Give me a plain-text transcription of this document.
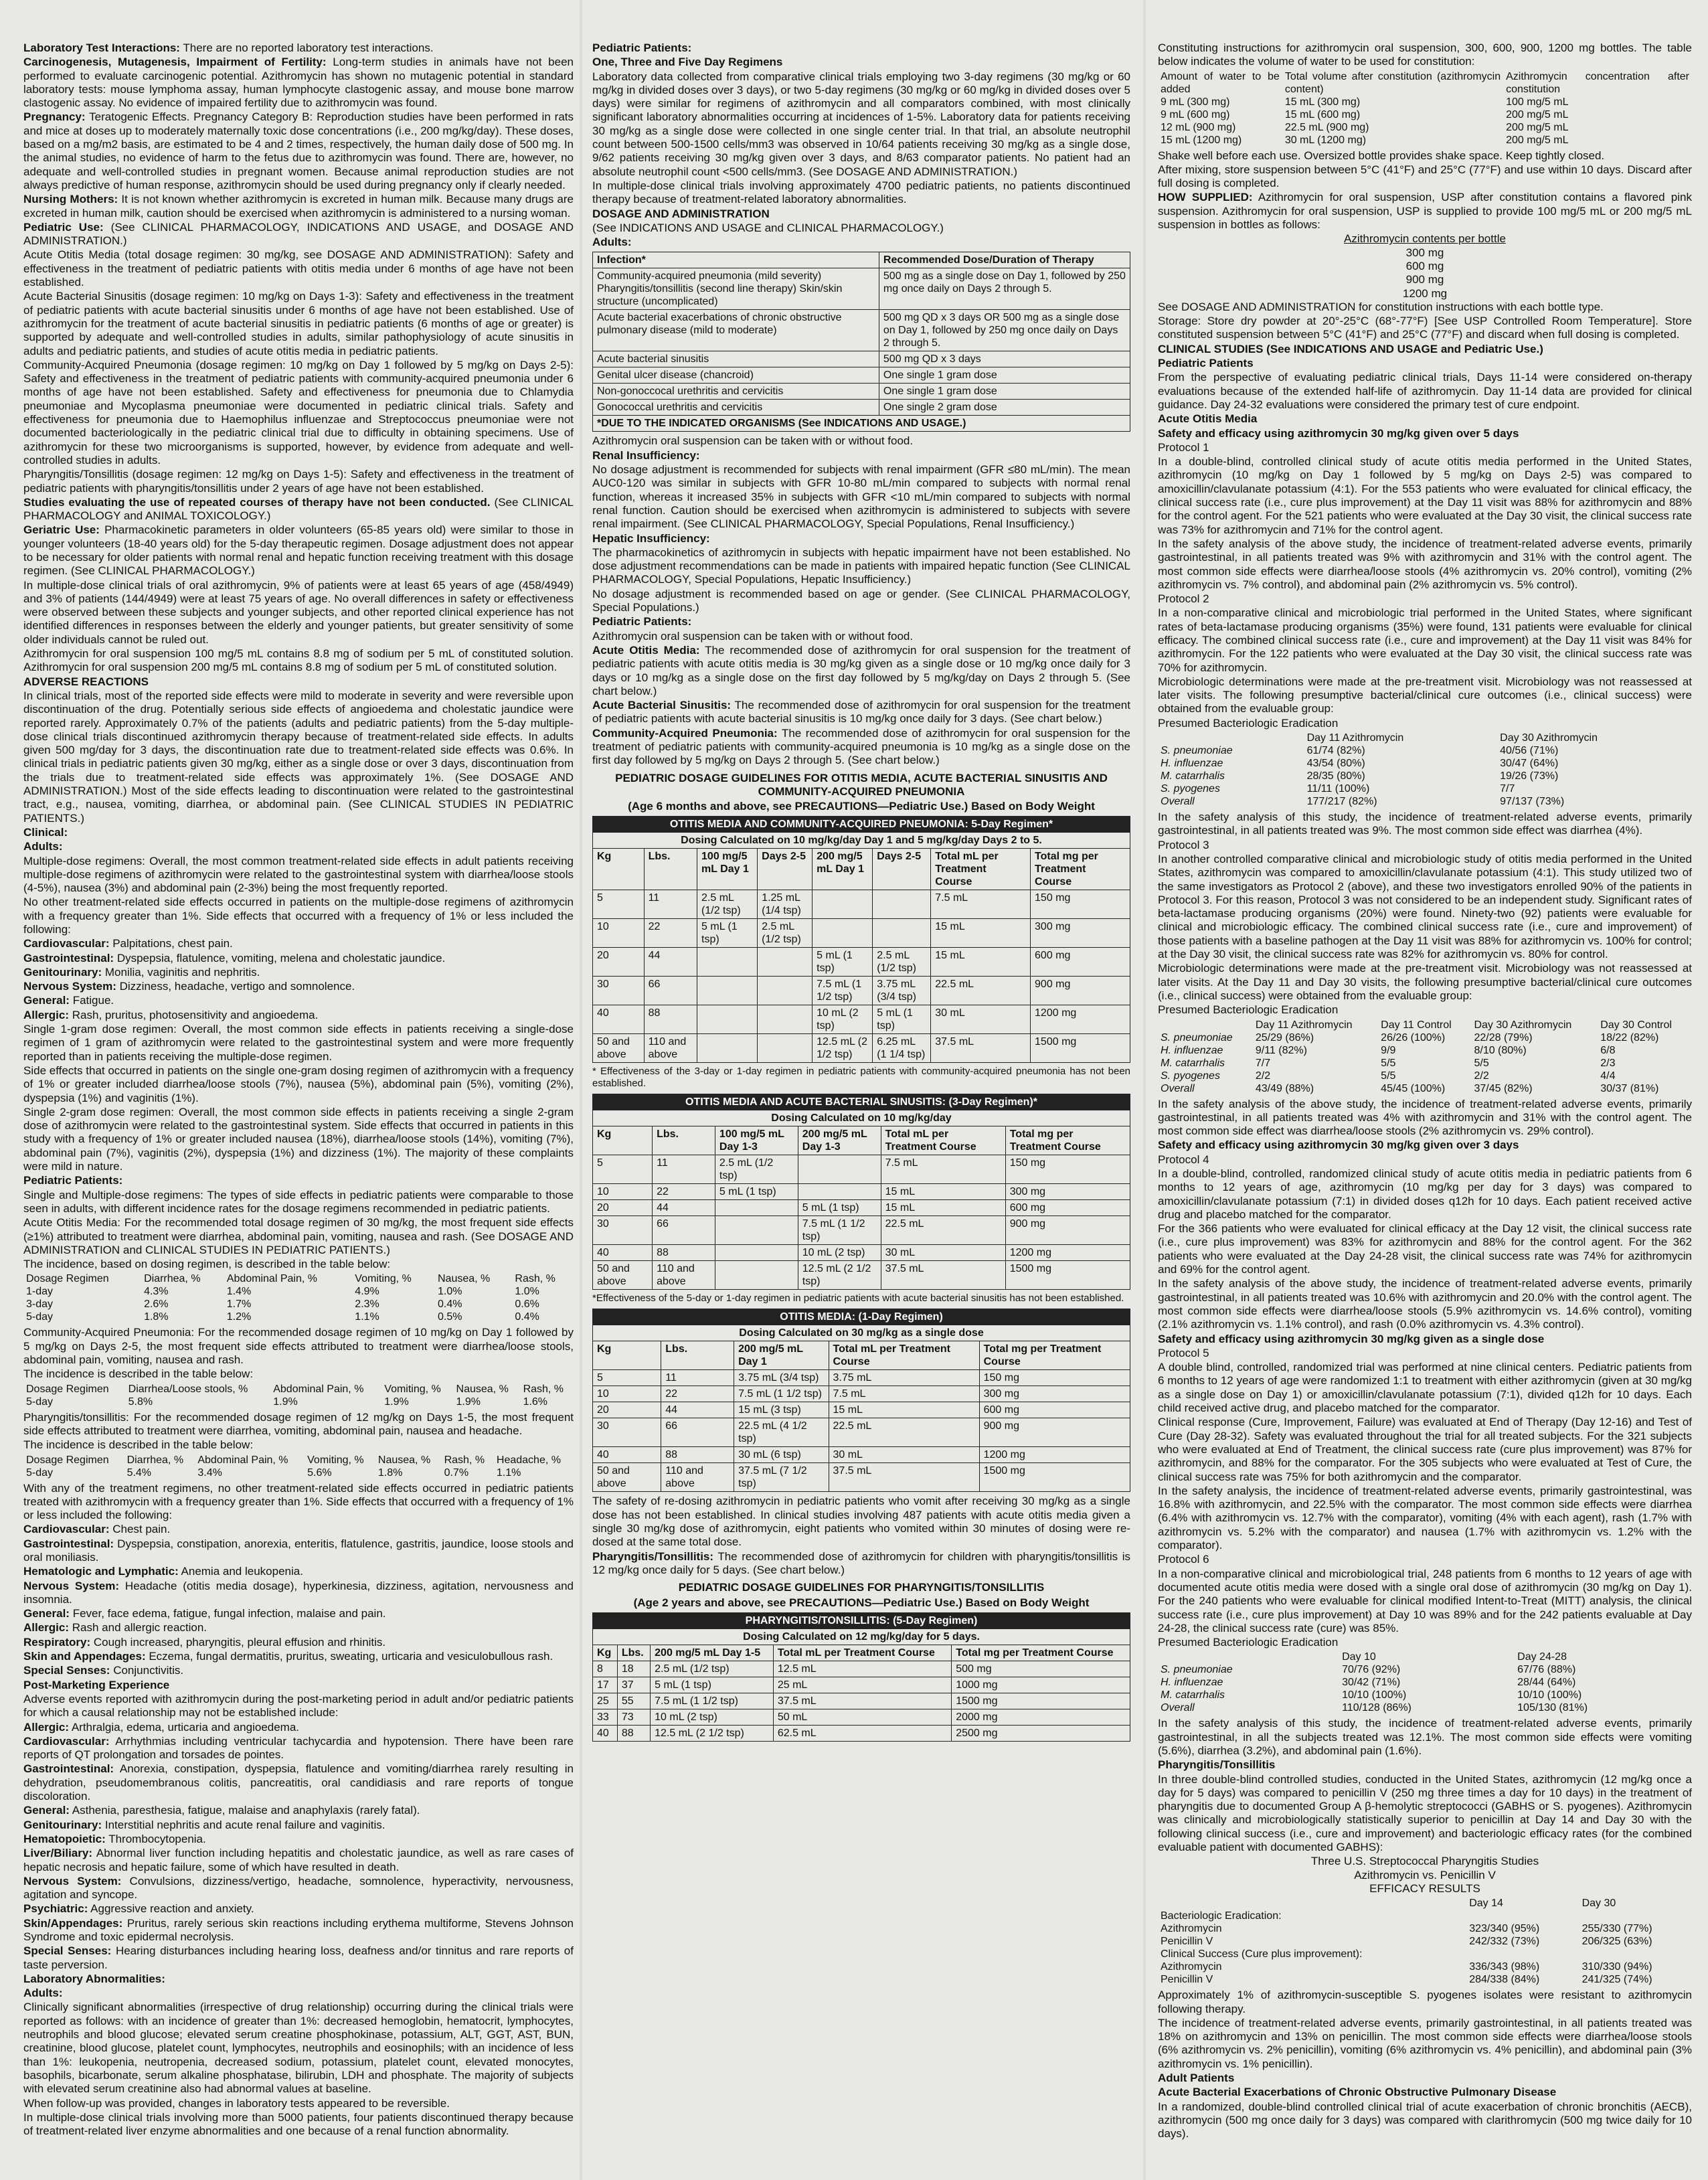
Laboratory Test Interactions: There are no reported laboratory test interactions.

Carcinogenesis, Mutagenesis, Impairment of Fertility: Long-term studies in animals have not been performed to evaluate carcinogenic potential. Azithromycin has shown no mutagenic potential in standard laboratory tests: mouse lymphoma assay, human lymphocyte clastogenic assay, and mouse bone marrow clastogenic assay. No evidence of impaired fertility due to azithromycin was found.

Pregnancy: Teratogenic Effects. Pregnancy Category B: Reproduction studies have been performed in rats and mice at doses up to moderately maternally toxic dose concentrations (i.e., 200 mg/kg/day). These doses, based on a mg/m2 basis, are estimated to be 4 and 2 times, respectively, the human daily dose of 500 mg. In the animal studies, no evidence of harm to the fetus due to azithromycin was found. There are, however, no adequate and well-controlled studies in pregnant women. Because animal reproduction studies are not always predictive of human response, azithromycin should be used during pregnancy only if clearly needed.

Nursing Mothers: It is not known whether azithromycin is excreted in human milk. Because many drugs are excreted in human milk, caution should be exercised when azithromycin is administered to a nursing woman.

Pediatric Use: (See CLINICAL PHARMACOLOGY, INDICATIONS AND USAGE, and DOSAGE AND ADMINISTRATION.)

Acute Otitis Media (total dosage regimen: 30 mg/kg, see DOSAGE AND ADMINISTRATION): Safety and effectiveness in the treatment of pediatric patients with otitis media under 6 months of age have not been established.

Acute Bacterial Sinusitis (dosage regimen: 10 mg/kg on Days 1-3): Safety and effectiveness in the treatment of pediatric patients with acute bacterial sinusitis under 6 months of age have not been established. Use of azithromycin for the treatment of acute bacterial sinusitis in pediatric patients (6 months of age or greater) is supported by adequate and well-controlled studies in adults, similar pathophysiology of acute sinusitis in adults and pediatric patients, and studies of acute otitis media in pediatric patients.

Community-Acquired Pneumonia (dosage regimen: 10 mg/kg on Day 1 followed by 5 mg/kg on Days 2-5): Safety and effectiveness in the treatment of pediatric patients with community-acquired pneumonia under 6 months of age have not been established. Safety and effectiveness for pneumonia due to Chlamydia pneumoniae and Mycoplasma pneumoniae were documented in pediatric clinical trials. Safety and effectiveness for pneumonia due to Haemophilus influenzae and Streptococcus pneumoniae were not documented bacteriologically in the pediatric clinical trial due to difficulty in obtaining specimens. Use of azithromycin for these two microorganisms is supported, however, by evidence from adequate and well-controlled studies in adults.

Pharyngitis/Tonsillitis (dosage regimen: 12 mg/kg on Days 1-5): Safety and effectiveness in the treatment of pediatric patients with pharyngitis/tonsillitis under 2 years of age have not been established.

Studies evaluating the use of repeated courses of therapy have not been conducted. (See CLINICAL PHARMACOLOGY and ANIMAL TOXICOLOGY.)

Geriatric Use: Pharmacokinetic parameters in older volunteers (65-85 years old) were similar to those in younger volunteers (18-40 years old) for the 5-day therapeutic regimen. Dosage adjustment does not appear to be necessary for older patients with normal renal and hepatic function receiving treatment with this dosage regimen. (See CLINICAL PHARMACOLOGY.)

In multiple-dose clinical trials of oral azithromycin, 9% of patients were at least 65 years of age (458/4949) and 3% of patients (144/4949) were at least 75 years of age. No overall differences in safety or effectiveness were observed between these subjects and younger subjects, and other reported clinical experience has not identified differences in responses between the elderly and younger patients, but greater sensitivity of some older individuals cannot be ruled out.

Azithromycin for oral suspension 100 mg/5 mL contains 8.8 mg of sodium per 5 mL of constituted solution. Azithromycin for oral suspension 200 mg/5 mL contains 8.8 mg of sodium per 5 mL of constituted solution.

ADVERSE REACTIONS

In clinical trials, most of the reported side effects were mild to moderate in severity and were reversible upon discontinuation of the drug. Potentially serious side effects of angioedema and cholestatic jaundice were reported rarely. Approximately 0.7% of the patients (adults and pediatric patients) from the 5-day multiple-dose clinical trials discontinued azithromycin therapy because of treatment-related side effects. In adults given 500 mg/day for 3 days, the discontinuation rate due to treatment-related side effects was 0.6%. In clinical trials in pediatric patients given 30 mg/kg, either as a single dose or over 3 days, discontinuation from the trials due to treatment-related side effects was approximately 1%. (See DOSAGE AND ADMINISTRATION.) Most of the side effects leading to discontinuation were related to the gastrointestinal tract, e.g., nausea, vomiting, diarrhea, or abdominal pain. (See CLINICAL STUDIES IN PEDIATRIC PATIENTS.)

Clinical:

Adults:

Multiple-dose regimens: Overall, the most common treatment-related side effects in adult patients receiving multiple-dose regimens of azithromycin were related to the gastrointestinal system with diarrhea/loose stools (4-5%), nausea (3%) and abdominal pain (2-3%) being the most frequently reported.

No other treatment-related side effects occurred in patients on the multiple-dose regimens of azithromycin with a frequency greater than 1%. Side effects that occurred with a frequency of 1% or less included the following:

Cardiovascular: Palpitations, chest pain.

Gastrointestinal: Dyspepsia, flatulence, vomiting, melena and cholestatic jaundice.

Genitourinary: Monilia, vaginitis and nephritis.

Nervous System: Dizziness, headache, vertigo and somnolence.

General: Fatigue.

Allergic: Rash, pruritus, photosensitivity and angioedema.

Single 1-gram dose regimen: Overall, the most common side effects in patients receiving a single-dose regimen of 1 gram of azithromycin were related to the gastrointestinal system and were more frequently reported than in patients receiving the multiple-dose regimen.

Side effects that occurred in patients on the single one-gram dosing regimen of azithromycin with a frequency of 1% or greater included diarrhea/loose stools (7%), nausea (5%), abdominal pain (5%), vomiting (2%), dyspepsia (1%) and vaginitis (1%).

Single 2-gram dose regimen: Overall, the most common side effects in patients receiving a single 2-gram dose of azithromycin were related to the gastrointestinal system. Side effects that occurred in patients in this study with a frequency of 1% or greater included nausea (18%), diarrhea/loose stools (14%), vomiting (7%), abdominal pain (7%), vaginitis (2%), dyspepsia (1%) and dizziness (1%). The majority of these complaints were mild in nature.

Pediatric Patients:

Single and Multiple-dose regimens: The types of side effects in pediatric patients were comparable to those seen in adults, with different incidence rates for the dosage regimens recommended in pediatric patients.

Acute Otitis Media: For the recommended total dosage regimen of 30 mg/kg, the most frequent side effects (≥1%) attributed to treatment were diarrhea, abdominal pain, vomiting, nausea and rash. (See DOSAGE AND ADMINISTRATION and CLINICAL STUDIES IN PEDIATRIC PATIENTS.)

The incidence, based on dosing regimen, is described in the table below:

Dosage Regimen	Diarrhea, %	Abdominal Pain, %	Vomiting, %	Nausea, %	Rash, %
1-day	4.3%	1.4%	4.9%	1.0%	1.0%
3-day	2.6%	1.7%	2.3%	0.4%	0.6%
5-day	1.8%	1.2%	1.1%	0.5%	0.4%

Community-Acquired Pneumonia: For the recommended dosage regimen of 10 mg/kg on Day 1 followed by 5 mg/kg on Days 2-5, the most frequent side effects attributed to treatment were diarrhea/loose stools, abdominal pain, vomiting, nausea and rash.

The incidence is described in the table below:

Dosage Regimen	Diarrhea/Loose stools, %	Abdominal Pain, %	Vomiting, %	Nausea, %	Rash, %
5-day	5.8%	1.9%	1.9%	1.9%	1.6%

Pharyngitis/tonsillitis: For the recommended dosage regimen of 12 mg/kg on Days 1-5, the most frequent side effects attributed to treatment were diarrhea, vomiting, abdominal pain, nausea and headache.

The incidence is described in the table below:

Dosage Regimen	Diarrhea, %	Abdominal Pain, %	Vomiting, %	Nausea, %	Rash, %	Headache, %
5-day	5.4%	3.4%	5.6%	1.8%	0.7%	1.1%

With any of the treatment regimens, no other treatment-related side effects occurred in pediatric patients treated with azithromycin with a frequency greater than 1%. Side effects that occurred with a frequency of 1% or less included the following:

Cardiovascular: Chest pain.

Gastrointestinal: Dyspepsia, constipation, anorexia, enteritis, flatulence, gastritis, jaundice, loose stools and oral moniliasis.

Hematologic and Lymphatic: Anemia and leukopenia.

Nervous System: Headache (otitis media dosage), hyperkinesia, dizziness, agitation, nervousness and insomnia.

General: Fever, face edema, fatigue, fungal infection, malaise and pain.

Allergic: Rash and allergic reaction.

Respiratory: Cough increased, pharyngitis, pleural effusion and rhinitis.

Skin and Appendages: Eczema, fungal dermatitis, pruritus, sweating, urticaria and vesiculobullous rash.

Special Senses: Conjunctivitis.

Post-Marketing Experience

Adverse events reported with azithromycin during the post-marketing period in adult and/or pediatric patients for which a causal relationship may not be established include:

Allergic: Arthralgia, edema, urticaria and angioedema.

Cardiovascular: Arrhythmias including ventricular tachycardia and hypotension. There have been rare reports of QT prolongation and torsades de pointes.

Gastrointestinal: Anorexia, constipation, dyspepsia, flatulence and vomiting/diarrhea rarely resulting in dehydration, pseudomembranous colitis, pancreatitis, oral candidiasis and rare reports of tongue discoloration.

General: Asthenia, paresthesia, fatigue, malaise and anaphylaxis (rarely fatal).

Genitourinary: Interstitial nephritis and acute renal failure and vaginitis.

Hematopoietic: Thrombocytopenia.

Liver/Biliary: Abnormal liver function including hepatitis and cholestatic jaundice, as well as rare cases of hepatic necrosis and hepatic failure, some of which have resulted in death.

Nervous System: Convulsions, dizziness/vertigo, headache, somnolence, hyperactivity, nervousness, agitation and syncope.

Psychiatric: Aggressive reaction and anxiety.

Skin/Appendages: Pruritus, rarely serious skin reactions including erythema multiforme, Stevens Johnson Syndrome and toxic epidermal necrolysis.

Special Senses: Hearing disturbances including hearing loss, deafness and/or tinnitus and rare reports of taste perversion.

Laboratory Abnormalities:

Adults:

Clinically significant abnormalities (irrespective of drug relationship) occurring during the clinical trials were reported as follows: with an incidence of greater than 1%: decreased hemoglobin, hematocrit, lymphocytes, neutrophils and blood glucose; elevated serum creatine phosphokinase, potassium, ALT, GGT, AST, BUN, creatinine, blood glucose, platelet count, lymphocytes, neutrophils and eosinophils; with an incidence of less than 1%: leukopenia, neutropenia, decreased sodium, potassium, platelet count, elevated monocytes, basophils, bicarbonate, serum alkaline phosphatase, bilirubin, LDH and phosphate. The majority of subjects with elevated serum creatinine also had abnormal values at baseline.

When follow-up was provided, changes in laboratory tests appeared to be reversible.

In multiple-dose clinical trials involving more than 5000 patients, four patients discontinued therapy because of treatment-related liver enzyme abnormalities and one because of a renal function abnormality.

Pediatric Patients:

One, Three and Five Day Regimens

Laboratory data collected from comparative clinical trials employing two 3-day regimens (30 mg/kg or 60 mg/kg in divided doses over 3 days), or two 5-day regimens (30 mg/kg or 60 mg/kg in divided doses over 5 days) were similar for regimens of azithromycin and all comparators combined, with most clinically significant laboratory abnormalities occurring at incidences of 1-5%. Laboratory data for patients receiving 30 mg/kg as a single dose were collected in one single center trial. In that trial, an absolute neutrophil count between 500-1500 cells/mm3 was observed in 10/64 patients receiving 30 mg/kg as a single dose, 9/62 patients receiving 30 mg/kg given over 3 days, and 8/63 comparator patients. No patient had an absolute neutrophil count <500 cells/mm3. (See DOSAGE AND ADMINISTRATION.)

In multiple-dose clinical trials involving approximately 4700 pediatric patients, no patients discontinued therapy because of treatment-related laboratory abnormalities.

DOSAGE AND ADMINISTRATION

(See INDICATIONS AND USAGE and CLINICAL PHARMACOLOGY.)

Adults:

Infection*	Recommended Dose/Duration of Therapy
Community-acquired pneumonia (mild severity) Pharyngitis/tonsillitis (second line therapy) Skin/skin structure (uncomplicated)	500 mg as a single dose on Day 1, followed by 250 mg once daily on Days 2 through 5.
Acute bacterial exacerbations of chronic obstructive pulmonary disease (mild to moderate)	500 mg QD x 3 days OR 500 mg as a single dose on Day 1, followed by 250 mg once daily on Days 2 through 5.
Acute bacterial sinusitis	500 mg QD x 3 days
Genital ulcer disease (chancroid)	One single 1 gram dose
Non-gonoccocal urethritis and cervicitis	One single 1 gram dose
Gonococcal urethritis and cervicitis	One single 2 gram dose
*DUE TO THE INDICATED ORGANISMS (See INDICATIONS AND USAGE.)	

Azithromycin oral suspension can be taken with or without food.

Renal Insufficiency:

No dosage adjustment is recommended for subjects with renal impairment (GFR ≤80 mL/min). The mean AUC0-120 was similar in subjects with GFR 10-80 mL/min compared to subjects with normal renal function, whereas it increased 35% in subjects with GFR <10 mL/min compared to subjects with normal renal function. Caution should be exercised when azithromycin is administered to subjects with severe renal impairment. (See CLINICAL PHARMACOLOGY, Special Populations, Renal Insufficiency.)

Hepatic Insufficiency:

The pharmacokinetics of azithromycin in subjects with hepatic impairment have not been established. No dose adjustment recommendations can be made in patients with impaired hepatic function (See CLINICAL PHARMACOLOGY, Special Populations, Hepatic Insufficiency.)

No dosage adjustment is recommended based on age or gender. (See CLINICAL PHARMACOLOGY, Special Populations.)

Pediatric Patients:

Azithromycin oral suspension can be taken with or without food.

Acute Otitis Media: The recommended dose of azithromycin for oral suspension for the treatment of pediatric patients with acute otitis media is 30 mg/kg given as a single dose or 10 mg/kg once daily for 3 days or 10 mg/kg as a single dose on the first day followed by 5 mg/kg/day on Days 2 through 5. (See chart below.)

Acute Bacterial Sinusitis: The recommended dose of azithromycin for oral suspension for the treatment of pediatric patients with acute bacterial sinusitis is 10 mg/kg once daily for 3 days. (See chart below.)

Community-Acquired Pneumonia: The recommended dose of azithromycin for oral suspension for the treatment of pediatric patients with community-acquired pneumonia is 10 mg/kg as a single dose on the first day followed by 5 mg/kg on Days 2 through 5. (See chart below.)

PEDIATRIC DOSAGE GUIDELINES FOR OTITIS MEDIA, ACUTE BACTERIAL SINUSITIS AND COMMUNITY-ACQUIRED PNEUMONIA
(Age 6 months and above, see PRECAUTIONS—Pediatric Use.) Based on Body Weight
OTITIS MEDIA AND COMMUNITY-ACQUIRED PNEUMONIA: 5-Day Regimen*							
Dosing Calculated on 10 mg/kg/day Day 1 and 5 mg/kg/day Days 2 to 5.							
Kg	Lbs.	100 mg/5 mL Day 1	Days 2-5	200 mg/5 mL Day 1	Days 2-5	Total mL per Treatment Course	Total mg per Treatment Course
5	11	2.5 mL (1/2 tsp)	1.25 mL (1/4 tsp)			7.5 mL	150 mg
10	22	5 mL (1 tsp)	2.5 mL (1/2 tsp)			15 mL	300 mg
20	44			5 mL (1 tsp)	2.5 mL (1/2 tsp)	15 mL	600 mg
30	66			7.5 mL (1 1/2 tsp)	3.75 mL (3/4 tsp)	22.5 mL	900 mg
40	88			10 mL (2 tsp)	5 mL (1 tsp)	30 mL	1200 mg
50 and above	110 and above			12.5 mL (2 1/2 tsp)	6.25 mL (1 1/4 tsp)	37.5 mL	1500 mg
* Effectiveness of the 3-day or 1-day regimen in pediatric patients with community-acquired pneumonia has not been established.
OTITIS MEDIA AND ACUTE BACTERIAL SINUSITIS: (3-Day Regimen)*					
Dosing Calculated on 10 mg/kg/day					
Kg	Lbs.	100 mg/5 mL Day 1-3	200 mg/5 mL Day 1-3	Total mL per Treatment Course	Total mg per Treatment Course
5	11	2.5 mL (1/2 tsp)		7.5 mL	150 mg
10	22	5 mL (1 tsp)		15 mL	300 mg
20	44		5 mL (1 tsp)	15 mL	600 mg
30	66		7.5 mL (1 1/2 tsp)	22.5 mL	900 mg
40	88		10 mL (2 tsp)	30 mL	1200 mg
50 and above	110 and above		12.5 mL (2 1/2 tsp)	37.5 mL	1500 mg
*Effectiveness of the 5-day or 1-day regimen in pediatric patients with acute bacterial sinusitis has not been established.
OTITIS MEDIA: (1-Day Regimen)				
Dosing Calculated on 30 mg/kg as a single dose				
Kg	Lbs.	200 mg/5 mL Day 1	Total mL per Treatment Course	Total mg per Treatment Course
5	11	3.75 mL (3/4 tsp)	3.75 mL	150 mg
10	22	7.5 mL (1 1/2 tsp)	7.5 mL	300 mg
20	44	15 mL (3 tsp)	15 mL	600 mg
30	66	22.5 mL (4 1/2 tsp)	22.5 mL	900 mg
40	88	30 mL (6 tsp)	30 mL	1200 mg
50 and above	110 and above	37.5 mL (7 1/2 tsp)	37.5 mL	1500 mg

The safety of re-dosing azithromycin in pediatric patients who vomit after receiving 30 mg/kg as a single dose has not been established. In clinical studies involving 487 patients with acute otitis media given a single 30 mg/kg dose of azithromycin, eight patients who vomited within 30 minutes of dosing were re-dosed at the same total dose.

Pharyngitis/Tonsillitis: The recommended dose of azithromycin for children with pharyngitis/tonsillitis is 12 mg/kg once daily for 5 days. (See chart below.)

PEDIATRIC DOSAGE GUIDELINES FOR PHARYNGITIS/TONSILLITIS
(Age 2 years and above, see PRECAUTIONS—Pediatric Use.) Based on Body Weight
PHARYNGITIS/TONSILLITIS: (5-Day Regimen)				
Dosing Calculated on 12 mg/kg/day for 5 days.				
Kg	Lbs.	200 mg/5 mL Day 1-5	Total mL per Treatment Course	Total mg per Treatment Course
8	18	2.5 mL (1/2 tsp)	12.5 mL	500 mg
17	37	5 mL (1 tsp)	25 mL	1000 mg
25	55	7.5 mL (1 1/2 tsp)	37.5 mL	1500 mg
33	73	10 mL (2 tsp)	50 mL	2000 mg
40	88	12.5 mL (2 1/2 tsp)	62.5 mL	2500 mg

Constituting instructions for azithromycin oral suspension, 300, 600, 900, 1200 mg bottles. The table below indicates the volume of water to be used for constitution:

Amount of water to be added	Total volume after constitution (azithromycin content)	Azithromycin concentration after constitution
9 mL (300 mg)	15 mL (300 mg)	100 mg/5 mL
9 mL (600 mg)	15 mL (600 mg)	200 mg/5 mL
12 mL (900 mg)	22.5 mL (900 mg)	200 mg/5 mL
15 mL (1200 mg)	30 mL (1200 mg)	200 mg/5 mL

Shake well before each use. Oversized bottle provides shake space. Keep tightly closed.

After mixing, store suspension between 5°C (41°F) and 25°C (77°F) and use within 10 days. Discard after full dosing is completed.

HOW SUPPLIED: Azithromycin for oral suspension, USP after constitution contains a flavored pink suspension. Azithromycin for oral suspension, USP is supplied to provide 100 mg/5 mL or 200 mg/5 mL suspension in bottles as follows:

Azithromycin contents per bottle
300 mg
600 mg
900 mg
1200 mg

See DOSAGE AND ADMINISTRATION for constitution instructions with each bottle type.

Storage: Store dry powder at 20°-25°C (68°-77°F) [See USP Controlled Room Temperature]. Store constituted suspension between 5°C (41°F) and 25°C (77°F) and discard when full dosing is completed.

CLINICAL STUDIES (See INDICATIONS AND USAGE and Pediatric Use.)

Pediatric Patients

From the perspective of evaluating pediatric clinical trials, Days 11-14 were considered on-therapy evaluations because of the extended half-life of azithromycin. Day 11-14 data are provided for clinical guidance. Day 24-32 evaluations were considered the primary test of cure endpoint.

Acute Otitis Media

Safety and efficacy using azithromycin 30 mg/kg given over 5 days

Protocol 1

In a double-blind, controlled clinical study of acute otitis media performed in the United States, azithromycin (10 mg/kg on Day 1 followed by 5 mg/kg on Days 2-5) was compared to amoxicillin/clavulanate potassium (4:1). For the 553 patients who were evaluated for clinical efficacy, the clinical success rate (i.e., cure plus improvement) at the Day 11 visit was 88% for azithromycin and 88% for the control agent. For the 521 patients who were evaluated at the Day 30 visit, the clinical success rate was 73% for azithromycin and 71% for the control agent.

In the safety analysis of the above study, the incidence of treatment-related adverse events, primarily gastrointestinal, in all patients treated was 9% with azithromycin and 31% with the control agent. The most common side effects were diarrhea/loose stools (4% azithromycin vs. 20% control), vomiting (2% azithromycin vs. 7% control), and abdominal pain (2% azithromycin vs. 5% control).

Protocol 2

In a non-comparative clinical and microbiologic trial performed in the United States, where significant rates of beta-lactamase producing organisms (35%) were found, 131 patients were evaluable for clinical efficacy. The combined clinical success rate (i.e., cure and improvement) at the Day 11 visit was 84% for azithromycin. For the 122 patients who were evaluated at the Day 30 visit, the clinical success rate was 70% for azithromycin.

Microbiologic determinations were made at the pre-treatment visit. Microbiology was not reassessed at later visits. The following presumptive bacterial/clinical cure outcomes (i.e., clinical success) were obtained from the evaluable group:

Presumed Bacteriologic Eradication
	Day 11 Azithromycin	Day 30 Azithromycin
S. pneumoniae	61/74 (82%)	40/56 (71%)
H. influenzae	43/54 (80%)	30/47 (64%)
M. catarrhalis	28/35 (80%)	19/26 (73%)
S. pyogenes	11/11 (100%)	7/7
Overall	177/217 (82%)	97/137 (73%)

In the safety analysis of this study, the incidence of treatment-related adverse events, primarily gastrointestinal, in all patients treated was 9%. The most common side effect was diarrhea (4%).

Protocol 3

In another controlled comparative clinical and microbiologic study of otitis media performed in the United States, azithromycin was compared to amoxicillin/clavulanate potassium (4:1). This study utilized two of the same investigators as Protocol 2 (above), and these two investigators enrolled 90% of the patients in Protocol 3. For this reason, Protocol 3 was not considered to be an independent study. Significant rates of beta-lactamase producing organisms (20%) were found. Ninety-two (92) patients were evaluable for clinical and microbiologic efficacy. The combined clinical success rate (i.e., cure and improvement) of those patients with a baseline pathogen at the Day 11 visit was 88% for azithromycin vs. 100% for control; at the Day 30 visit, the clinical success rate was 82% for azithromycin vs. 80% for control.

Microbiologic determinations were made at the pre-treatment visit. Microbiology was not reassessed at later visits. At the Day 11 and Day 30 visits, the following presumptive bacterial/clinical cure outcomes (i.e., clinical success) were obtained from the evaluable group:

Presumed Bacteriologic Eradication
	Day 11 Azithromycin	Day 11 Control	Day 30 Azithromycin	Day 30 Control
S. pneumoniae	25/29 (86%)	26/26 (100%)	22/28 (79%)	18/22 (82%)
H. influenzae	9/11 (82%)	9/9	8/10 (80%)	6/8
M. catarrhalis	7/7	5/5	5/5	2/3
S. pyogenes	2/2	5/5	2/2	4/4
Overall	43/49 (88%)	45/45 (100%)	37/45 (82%)	30/37 (81%)

In the safety analysis of the above study, the incidence of treatment-related adverse events, primarily gastrointestinal, in all patients treated was 4% with azithromycin and 31% with the control agent. The most common side effect was diarrhea/loose stools (2% azithromycin vs. 29% control).

Safety and efficacy using azithromycin 30 mg/kg given over 3 days

Protocol 4

In a double-blind, controlled, randomized clinical study of acute otitis media in pediatric patients from 6 months to 12 years of age, azithromycin (10 mg/kg per day for 3 days) was compared to amoxicillin/clavulanate potassium (7:1) in divided doses q12h for 10 days. Each patient received active drug and placebo matched for the comparator.

For the 366 patients who were evaluated for clinical efficacy at the Day 12 visit, the clinical success rate (i.e., cure plus improvement) was 83% for azithromycin and 88% for the control agent. For the 362 patients who were evaluated at the Day 24-28 visit, the clinical success rate was 74% for azithromycin and 69% for the control agent.

In the safety analysis of the above study, the incidence of treatment-related adverse events, primarily gastrointestinal, in all patients treated was 10.6% with azithromycin and 20.0% with the control agent. The most common side effects were diarrhea/loose stools (5.9% azithromycin vs. 14.6% control), vomiting (2.1% azithromycin vs. 1.1% control), and rash (0.0% azithromycin vs. 4.3% control).

Safety and efficacy using azithromycin 30 mg/kg given as a single dose

Protocol 5

A double blind, controlled, randomized trial was performed at nine clinical centers. Pediatric patients from 6 months to 12 years of age were randomized 1:1 to treatment with either azithromycin (given at 30 mg/kg as a single dose on Day 1) or amoxicillin/clavulanate potassium (7:1), divided q12h for 10 days. Each child received active drug, and placebo matched for the comparator.

Clinical response (Cure, Improvement, Failure) was evaluated at End of Therapy (Day 12-16) and Test of Cure (Day 28-32). Safety was evaluated throughout the trial for all treated subjects. For the 321 subjects who were evaluated at End of Treatment, the clinical success rate (cure plus improvement) was 87% for azithromycin, and 88% for the comparator. For the 305 subjects who were evaluated at Test of Cure, the clinical success rate was 75% for both azithromycin and the comparator.

In the safety analysis, the incidence of treatment-related adverse events, primarily gastrointestinal, was 16.8% with azithromycin, and 22.5% with the comparator. The most common side effects were diarrhea (6.4% with azithromycin vs. 12.7% with the comparator), vomiting (4% with each agent), rash (1.7% with azithromycin vs. 5.2% with the comparator) and nausea (1.7% with azithromycin vs. 1.2% with the comparator).

Protocol 6

In a non-comparative clinical and microbiological trial, 248 patients from 6 months to 12 years of age with documented acute otitis media were dosed with a single oral dose of azithromycin (30 mg/kg on Day 1). For the 240 patients who were evaluable for clinical modified Intent-to-Treat (MITT) analysis, the clinical success rate (i.e., cure plus improvement) at Day 10 was 89% and for the 242 patients evaluable at Day 24-28, the clinical success rate (cure) was 85%.

Presumed Bacteriologic Eradication
	Day 10	Day 24-28
S. pneumoniae	70/76 (92%)	67/76 (88%)
H. influenzae	30/42 (71%)	28/44 (64%)
M. catarrhalis	10/10 (100%)	10/10 (100%)
Overall	110/128 (86%)	105/130 (81%)

In the safety analysis of this study, the incidence of treatment-related adverse events, primarily gastrointestinal, in all the subjects treated was 12.1%. The most common side effects were vomiting (5.6%), diarrhea (3.2%), and abdominal pain (1.6%).

Pharyngitis/Tonsillitis

In three double-blind controlled studies, conducted in the United States, azithromycin (12 mg/kg once a day for 5 days) was compared to penicillin V (250 mg three times a day for 10 days) in the treatment of pharyngitis due to documented Group A β-hemolytic streptococci (GABHS or S. pyogenes). Azithromycin was clinically and microbiologically statistically superior to penicillin at Day 14 and Day 30 with the following clinical success (i.e., cure and improvement) and bacteriologic efficacy rates (for the combined evaluable patient with documented GABHS):

Three U.S. Streptococcal Pharyngitis Studies
Azithromycin vs. Penicillin V
EFFICACY RESULTS
	Day 14	Day 30
Bacteriologic Eradication:		
Azithromycin	323/340 (95%)	255/330 (77%)
Penicillin V	242/332 (73%)	206/325 (63%)
Clinical Success (Cure plus improvement):		
Azithromycin	336/343 (98%)	310/330 (94%)
Penicillin V	284/338 (84%)	241/325 (74%)

Approximately 1% of azithromycin-susceptible S. pyogenes isolates were resistant to azithromycin following therapy.

The incidence of treatment-related adverse events, primarily gastrointestinal, in all patients treated was 18% on azithromycin and 13% on penicillin. The most common side effects were diarrhea/loose stools (6% azithromycin vs. 2% penicillin), vomiting (6% azithromycin vs. 4% penicillin), and abdominal pain (3% azithromycin vs. 1% penicillin).

Adult Patients

Acute Bacterial Exacerbations of Chronic Obstructive Pulmonary Disease

In a randomized, double-blind controlled clinical trial of acute exacerbation of chronic bronchitis (AECB), azithromycin (500 mg once daily for 3 days) was compared with clarithromycin (500 mg twice daily for 10 days).
